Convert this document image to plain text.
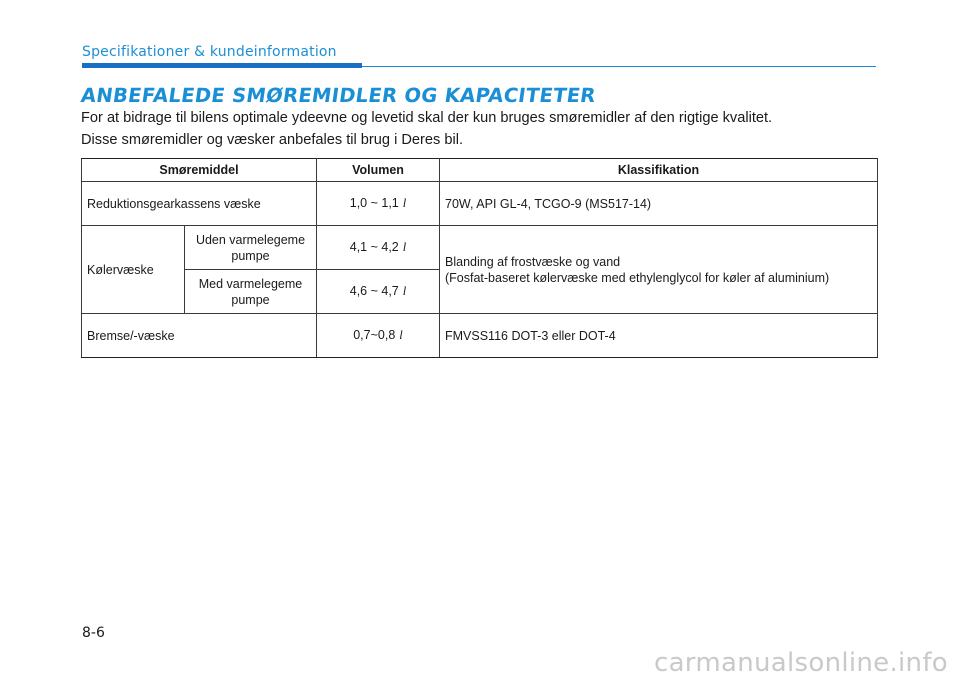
Specifikationer & kundeinformation
ANBEFALEDE SMØREMIDLER OG KAPACITETER

For at bidrage til bilens optimale ydeevne og levetid skal der kun bruges smøremidler af den rigtige kvalitet.

Disse smøremidler og væsker anbefales til brug i Deres bil.

Smøremiddel		Volumen	Klassifikation
Reduktionsgearkassens væske		1,0 ~ 1,1 l	70W, API GL-4, TCGO-9 (MS517-14)
Kølervæske	Uden varmelegeme pumpe	4,1 ~ 4,2 l	Blanding af frostvæske og vand
(Fosfat-baseret kølervæske med ethylenglycol for køler af aluminium)

	Med varmelegeme pumpe	4,6 ~ 4,7 l	
Bremse/-væske		0,7~0,8 l	FMVSS116 DOT-3 eller DOT-4
8-6
carmanualsonline.info
